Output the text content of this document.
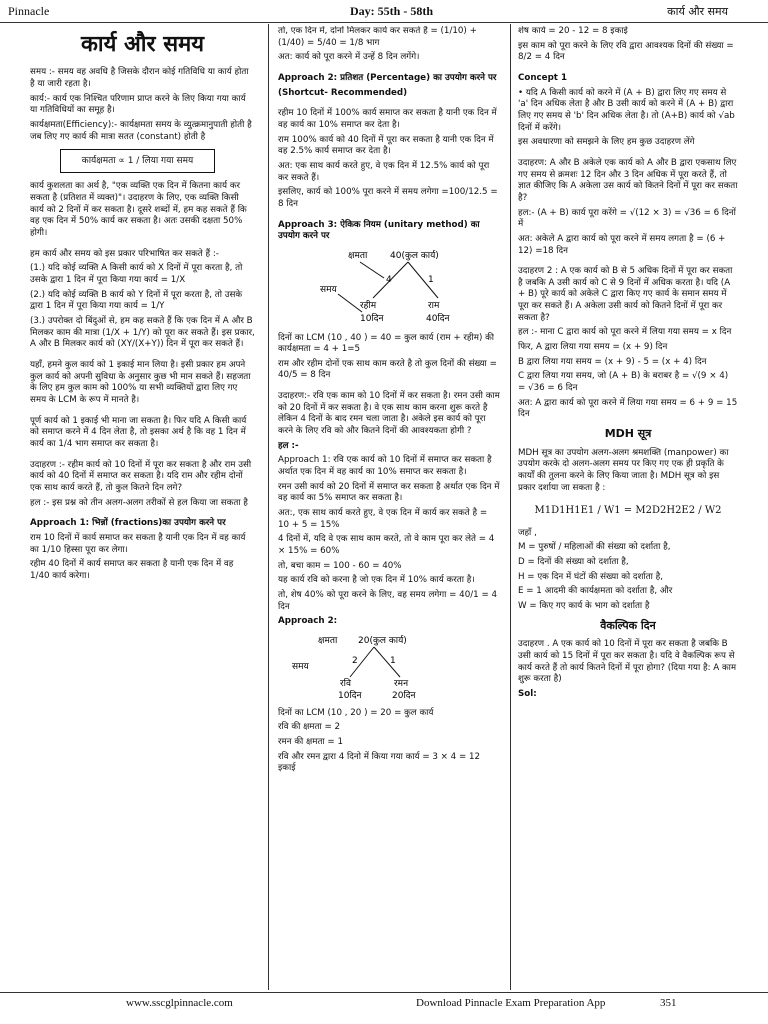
Pinnacle	Day: 55th - 58th	कार्य और समय
कार्य और समय

समय :- समय वह अवधि है जिसके दौरान कोई गतिविधि या कार्य होता है या जारी रहता है।

कार्य:- कार्य एक निश्चित परिणाम प्राप्त करने के लिए किया गया कार्य या गतिविधियों का समूह है।

कार्यक्षमता(Efficiency):- कार्यक्षमता समय के व्युत्क्रमानुपाती होती है जब लिए गए कार्य की मात्रा सतत (constant) होती है

कार्यक्षमता ∝ 1 / लिया गया समय

कार्य कुशलता का अर्थ है, "एक व्यक्ति एक दिन में कितना कार्य कर सकता है (प्रतिशत में व्यक्त)"। उदाहरण के लिए, एक व्यक्ति किसी कार्य को 2 दिनों में कर सकता है। दूसरे शब्दों में, हम कह सकते हैं कि वह एक दिन में 50% कार्य कर सकता है। अतः उसकी दक्षता 50% होगी।

हम कार्य और समय को इस प्रकार परिभाषित कर सकते हैं :-

(1.) यदि कोई व्यक्ति A किसी कार्य को X दिनों में पूरा करता है, तो उसके द्वारा 1 दिन में पूरा किया गया कार्य = 1/X

(2.) यदि कोई व्यक्ति B कार्य को Y दिनों में पूरा करता है, तो उसके द्वारा 1 दिन में पूरा किया गया कार्य = 1/Y

(3.) उपरोक्त दो बिंदुओं से, हम कह सकते हैं कि एक दिन में A और B मिलकर काम की मात्रा (1/X + 1/Y) को पूरा कर सकते हैं। इस प्रकार, A और B मिलकर कार्य को (XY/(X+Y)) दिन में पूरा कर सकते हैं।

यहाँ, हमने कुल कार्य को 1 इकाई मान लिया है। इसी प्रकार हम अपने कुल कार्य को अपनी सुविधा के अनुसार कुछ भी मान सकते हैं। सहजता के लिए हम कुल काम को 100% या सभी व्यक्तियों द्वारा लिए गए समय के LCM के रूप में मानते है।

पूर्ण कार्य को 1 इकाई भी माना जा सकता है। फिर यदि A किसी कार्य को समाप्त करने में 4 दिन लेता है, तो इसका अर्थ है कि वह 1 दिन में कार्य का 1/4 भाग समाप्त कर सकता है।

उदाहरण :- रहीम कार्य को 10 दिनों में पूरा कर सकता है और राम उसी कार्य को 40 दिनों में समाप्त कर सकता है। यदि राम और रहीम दोनों एक साथ कार्य करते हैं, तो कुल कितने दिन लगे?

हल :- इस प्रश्न को तीन अलग-अलग तरीकों से हल किया जा सकता है

Approach 1: भिन्नों (fractions)का उपयोग करने पर

राम 10 दिनों में कार्य समाप्त कर सकता है यानी एक दिन में वह कार्य का 1/10 हिस्सा पूरा कर लेगा।

रहीम 40 दिनों में कार्य समाप्त कर सकता है यानी एक दिन में वह 1/40 कार्य करेगा।

तो, एक दिन में, दोनों मिलकर कार्य कर सकते है = (1/10) + (1/40) = 5/40 = 1/8 भाग

अत: कार्य को पूरा करने में उन्हें 8 दिन लगेंगे।

Approach 2: प्रतिशत (Percentage) का उपयोग करने पर

(Shortcut- Recommended)

रहीम 10 दिनों में 100% कार्य समाप्त कर सकता है यानी एक दिन में वह कार्य का 10% समाप्त कर देता है।

राम 100% कार्य को 40 दिनों में पूरा कर सकता है यानी एक दिन में वह 2.5% कार्य समाप्त कर देता है।

अत: एक साथ कार्य करते हुए, वे एक दिन में 12.5% कार्य को पूरा कर सकते हैं।

इसलिए, कार्य को 100% पूरा करने में समय लगेगा =100/12.5 = 8 दिन

Approach 3: ऐकिक नियम (unitary method) का उपयोग करने पर

क्षमता	40(कुल कार्य)
4	1
समय
रहीम	राम
10दिन	40दिन

दिनों का LCM (10 , 40 ) = 40 = कुल कार्य (राम + रहीम) की कार्यक्षमता = 4 + 1=5

राम और रहीम दोनों एक साथ काम करते है तो कुल दिनों की संख्या = 40/5 = 8 दिन

उदाहरण:- रवि एक काम को 10 दिनों में कर सकता है। रमन उसी काम को 20 दिनों में कर सकता है। वे एक साथ काम करना शुरू करते है लेकिन 4 दिनों के बाद रमन चला जाता है। अकेले इस कार्य को पूरा करने के लिए रवि को और कितने दिनों की आवश्यकता होगी ?

हल :-

Approach 1: रवि एक कार्य को 10 दिनों में समाप्त कर सकता है अर्थात एक दिन में वह कार्य का 10% समाप्त कर सकता है।

रमन उसी कार्य को 20 दिनों में समाप्त कर सकता है अर्थात एक दिन में वह कार्य का 5% समाप्त कर सकता है।

अत:, एक साथ कार्य करते हुए, वे एक दिन में कार्य कर सकते है = 10 + 5 = 15%

4 दिनों में, यदि वे एक साथ काम करते, तो वे काम पूरा कर लेते = 4 × 15% = 60%

तो, बचा काम = 100 - 60 = 40%

यह कार्य रवि को करना है जो एक दिन में 10% कार्य करता है।

तो, शेष 40% को पूरा करने के लिए, वह समय लगेगा = 40/1 = 4 दिन

Approach 2:

क्षमता 20(कुल कार्य)
2	1
समय
रवि	रमन
10दिन	20दिन

दिनों का LCM (10 , 20 ) = 20 = कुल कार्य

रवि की क्षमता = 2

रमन की क्षमता = 1

रवि और रमन द्वारा 4 दिनो में किया गया कार्य = 3 × 4 = 12 इकाई

शेष कार्य = 20 - 12 = 8 इकाई

इस काम को पूरा करने के लिए रवि द्वारा आवश्यक दिनों की संख्या = 8/2 = 4 दिन

Concept 1

• यदि A किसी कार्य को करने में (A + B) द्वारा लिए गए समय से 'a' दिन अधिक लेता है और B उसी कार्य को करने में (A + B) द्वारा लिए गए समय से 'b' दिन अधिक लेता है। तो (A+B) कार्य को √ab दिनों में करेंगे।

इस अवधारणा को समझने के लिए हम कुछ उदाहरण लेंगे

उदाहरण: A और B अकेले एक कार्य को A और B द्वारा एकसाथ लिए गए समय से क्रमशः 12 दिन और 3 दिन अधिक में पूरा करते हैं, तो ज्ञात कीजिए कि A अकेला उस कार्य को कितने दिनों में पूरा कर सकता है?

हल:- (A + B) कार्य पूरा करेंगे = √(12 × 3) = √36 = 6 दिनों में

अत: अकेले A द्वारा कार्य को पूरा करने में समय लगता है = (6 + 12) =18 दिन

उदाहरण 2 : A एक कार्य को B से 5 अधिक दिनों में पूरा कर सकता है जबकि A उसी कार्य को C से 9 दिनों में अधिक करता है। यदि (A + B) पूरे कार्य को अकेले C द्वारा किए गए कार्य के समान समय में पूरा कर सकते हैं। A अकेला उसी कार्य को कितने दिनों में पूरा कर सकता है?

हल :- माना C द्वारा कार्य को पूरा करने में लिया गया समय = x दिन

फिर, A द्वारा लिया गया समय = (x + 9) दिन

B द्वारा लिया गया समय = (x + 9) - 5 = (x + 4) दिन

C द्वारा लिया गया समय, जो (A + B) के बराबर है = √(9 × 4) = √36 = 6 दिन

अत: A द्वारा कार्य को पूरा करने में लिया गया समय = 6 + 9 = 15 दिन

MDH सूत्र

MDH सूत्र का उपयोग अलग-अलग श्रमशक्ति (manpower) का उपयोग करके दो अलग-अलग समय पर किए गए एक ही प्रकृति के कार्यों की तुलना करने के लिए किया जाता है। MDH सूत्र को इस प्रकार दर्शाया जा सकता है :

M1D1H1E1 / W1 = M2D2H2E2 / W2

जहाँ ,

M = पुरुषों / महिलाओं की संख्या को दर्शाता है,

D = दिनों की संख्या को दर्शाता है,

H = एक दिन में घंटों की संख्या को दर्शाता है,

E = 1 आदमी की कार्यक्षमता को दर्शाता है, और

W = किए गए कार्य के भाग को दर्शाता है

वैकल्पिक दिन

उदाहरण . A एक कार्य को 10 दिनों में पूरा कर सकता है जबकि B उसी कार्य को 15 दिनों में पूरा कर सकता है। यदि वे वैकल्पिक रूप से कार्य करते हैं तो कार्य कितने दिनों में पूरा होगा? (दिया गया है: A काम शुरू करता है)

Sol:

www.sscglpinnacle.com	Download Pinnacle Exam Preparation App	351
